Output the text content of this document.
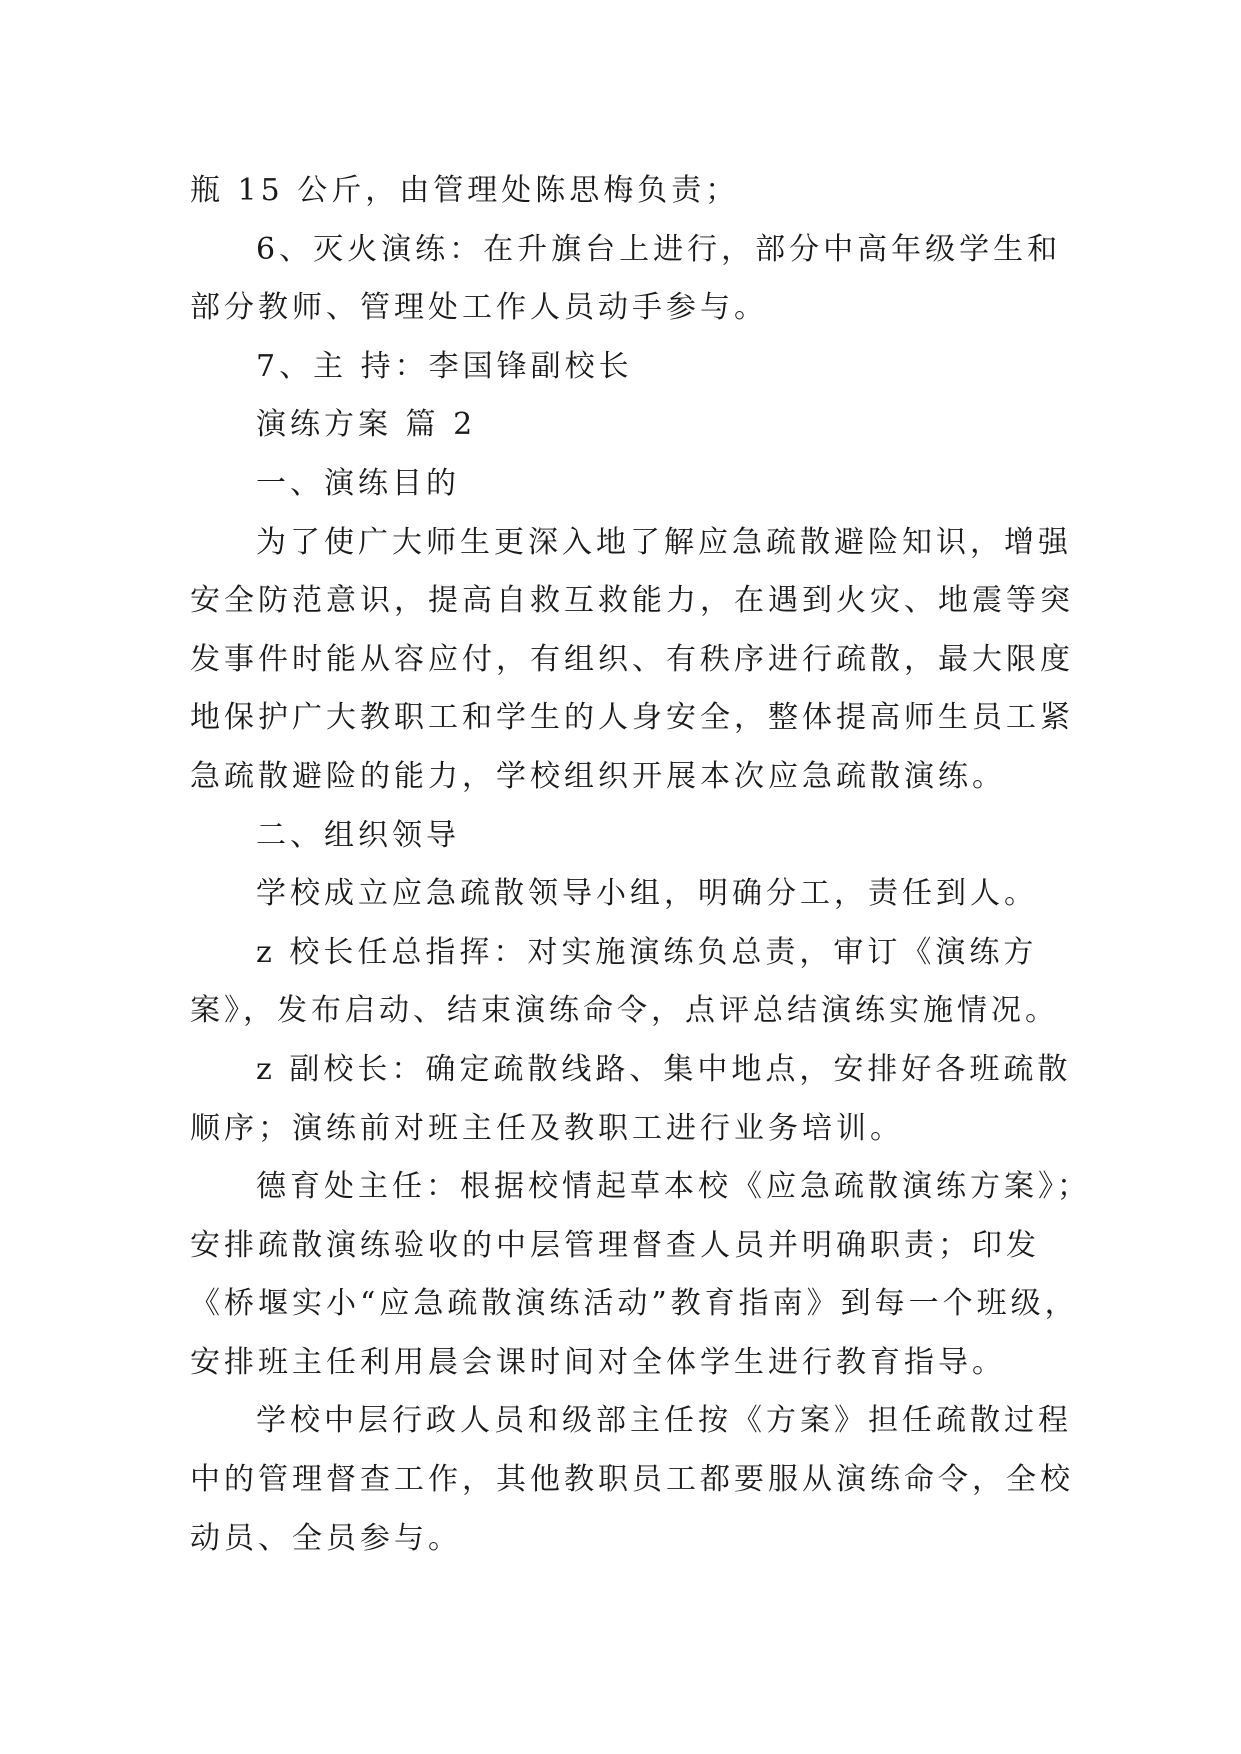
瓶 15 公斤，由管理处陈思梅负责；
6、灭火演练：在升旗台上进行，部分中高年级学生和
部分教师、管理处工作人员动手参与。
7、主 持：李国锋副校长
演练方案 篇 2
一、演练目的
为了使广大师生更深入地了解应急疏散避险知识，增强
安全防范意识，提高自救互救能力，在遇到火灾、地震等突
发事件时能从容应付，有组织、有秩序进行疏散，最大限度
地保护广大教职工和学生的人身安全，整体提高师生员工紧
急疏散避险的能力，学校组织开展本次应急疏散演练。
二、组织领导
学校成立应急疏散领导小组，明确分工，责任到人。
z 校长任总指挥：对实施演练负总责，审订《演练方
案》，发布启动、结束演练命令，点评总结演练实施情况。
z 副校长：确定疏散线路、集中地点，安排好各班疏散
顺序；演练前对班主任及教职工进行业务培训。
德育处主任：根据校情起草本校《应急疏散演练方案》；
安排疏散演练验收的中层管理督查人员并明确职责；印发
《桥堰实小“应急疏散演练活动”教育指南》到每一个班级，
安排班主任利用晨会课时间对全体学生进行教育指导。
学校中层行政人员和级部主任按《方案》担任疏散过程
中的管理督查工作，其他教职员工都要服从演练命令，全校
动员、全员参与。
